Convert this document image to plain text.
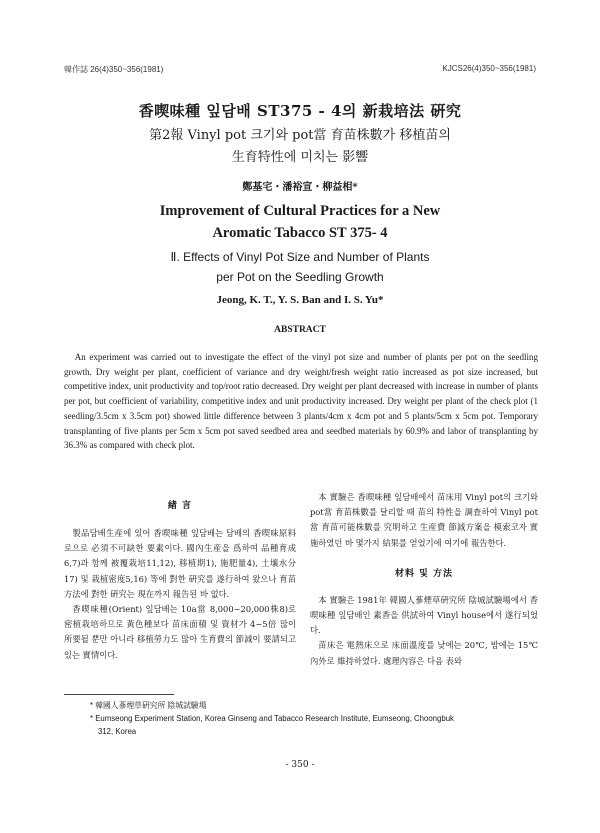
韓作誌 26(4)350~356(1981)	KJCS26(4)350~356(1981)
香喫味種 잎담배 ST375 - 4의 新栽培法 硏究
第2報 Vinyl pot 크기와 pot當 育苗株數가 移植苗의
生育特性에 미치는 影響
鄭基宅・潘裕宣・柳益相*
Improvement of Cultural Practices for a New
Aromatic Tabacco ST 375- 4
Ⅱ. Effects of Vinyl Pot Size and Number of Plants
per Pot on the Seedling Growth
Jeong, K. T., Y. S. Ban and I. S. Yu*
ABSTRACT
An experiment was carried out to investigate the effect of the vinyl pot size and number of plants per pot on the seedling growth. Dry weight per plant, coefficient of variance and dry weight/fresh weight ratio increased as pot size increased, but competitive index, unit productivity and top/root ratio decreased. Dry weight per plant decreased with increase in number of plants per pot, but coefficient of variability, competitive index and unit productivity increased. Dry weight per plant of the check plot (1 seedling/3.5cm x 3.5cm pot) showed little difference between 3 plants/4cm x 4cm pot and 5 plants/5cm x 5cm pot. Temporary transplanting of five plants per 5cm x 5cm pot saved seedbed area and seedbed materials by 60.9% and labor of transplanting by 36.3% as compared with check plot.
緖 言

製品담배生産에 있어 香喫味種 잎담배는 담배의 香喫味原料로으로 必須不可缺한 要素이다. 國內生産을 爲하여 品種育成6,7)과 함께 被覆栽培11,12), 移植期1), 施肥量4), 土壤水分17) 및 栽植密度5,16) 等에 對한 硏究를 遂行하여 왔으나 育苗方法에 對한 硏究는 現在까지 報告된 바 없다.

香喫味種(Orient) 잎담배는 10a當 8,000~20,000株8)로 密植栽培하므로 黃色種보다 苗床面積 및 資材가 4~5倍 많이 所要될 뿐만 아니라 移植勞力도 많아 生育費의 節減이 要請되고 있는 實情이다.

本 實驗은 香喫味種 잎담배에서 苗床用 Vinyl pot의 크기와 pot當 育苗株數를 달리할 때 苗의 特性을 調査하여 Vinyl pot當 育苗可能株數를 究明하고 生産費 節減方案을 模索코자 實施하였던 바 몇가지 結果를 얻었기에 여기에 報告한다.

材料 및 方法

本 實驗은 1981年 韓國人蔘煙草硏究所 陰城試驗場에서 香喫味種 잎담배인 素香을 供試하여 Vinyl house에서 遂行되었다.

苗床은 電熱床으로 床面溫度를 낮에는 20℃, 밤에는 15℃ 內外로 維持하였다. 處理內容은 다음 表와

* 韓國人蔘煙草硏究所 陰城試驗場
* Eumseong Experiment Station, Korea Ginseng and Tabacco Research Institute, Eumseong, Choongbuk
312, Korea
- 350 -
